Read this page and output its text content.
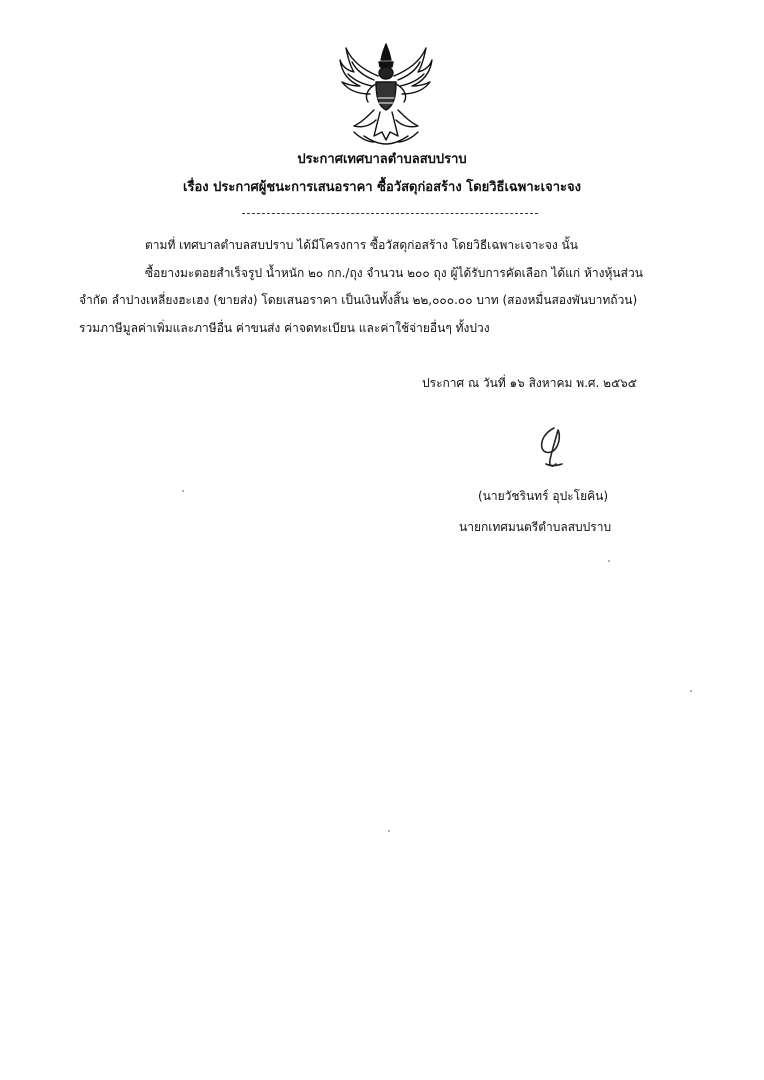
ประกาศเทศบาลตำบลสบปราบ
เรื่อง ประกาศผู้ชนะการเสนอราคา ซื้อวัสดุก่อสร้าง โดยวิธีเฉพาะเจาะจง
ตามที่ เทศบาลตำบลสบปราบ ได้มีโครงการ ซื้อวัสดุก่อสร้าง โดยวิธีเฉพาะเจาะจง นั้น
ซื้อยางมะตอยสำเร็จรูป น้ำหนัก ๒๐ กก./ถุง จำนวน ๒๐๐ ถุง ผู้ได้รับการคัดเลือก ได้แก่ ห้างหุ้นส่วน
จำกัด ลำปางเหลี่ยงฮะเฮง (ขายส่ง) โดยเสนอราคา เป็นเงินทั้งสิ้น ๒๒,๐๐๐.๐๐ บาท (สองหมื่นสองพันบาทถ้วน)
รวมภาษีมูลค่าเพิ่มและภาษีอื่น ค่าขนส่ง ค่าจดทะเบียน และค่าใช้จ่ายอื่นๆ ทั้งปวง
ประกาศ ณ วันที่ ๑๖ สิงหาคม พ.ศ. ๒๕๖๕
(นายวัชรินทร์ อุปะโยคิน)
นายกเทศมนตรีตำบลสบปราบ
